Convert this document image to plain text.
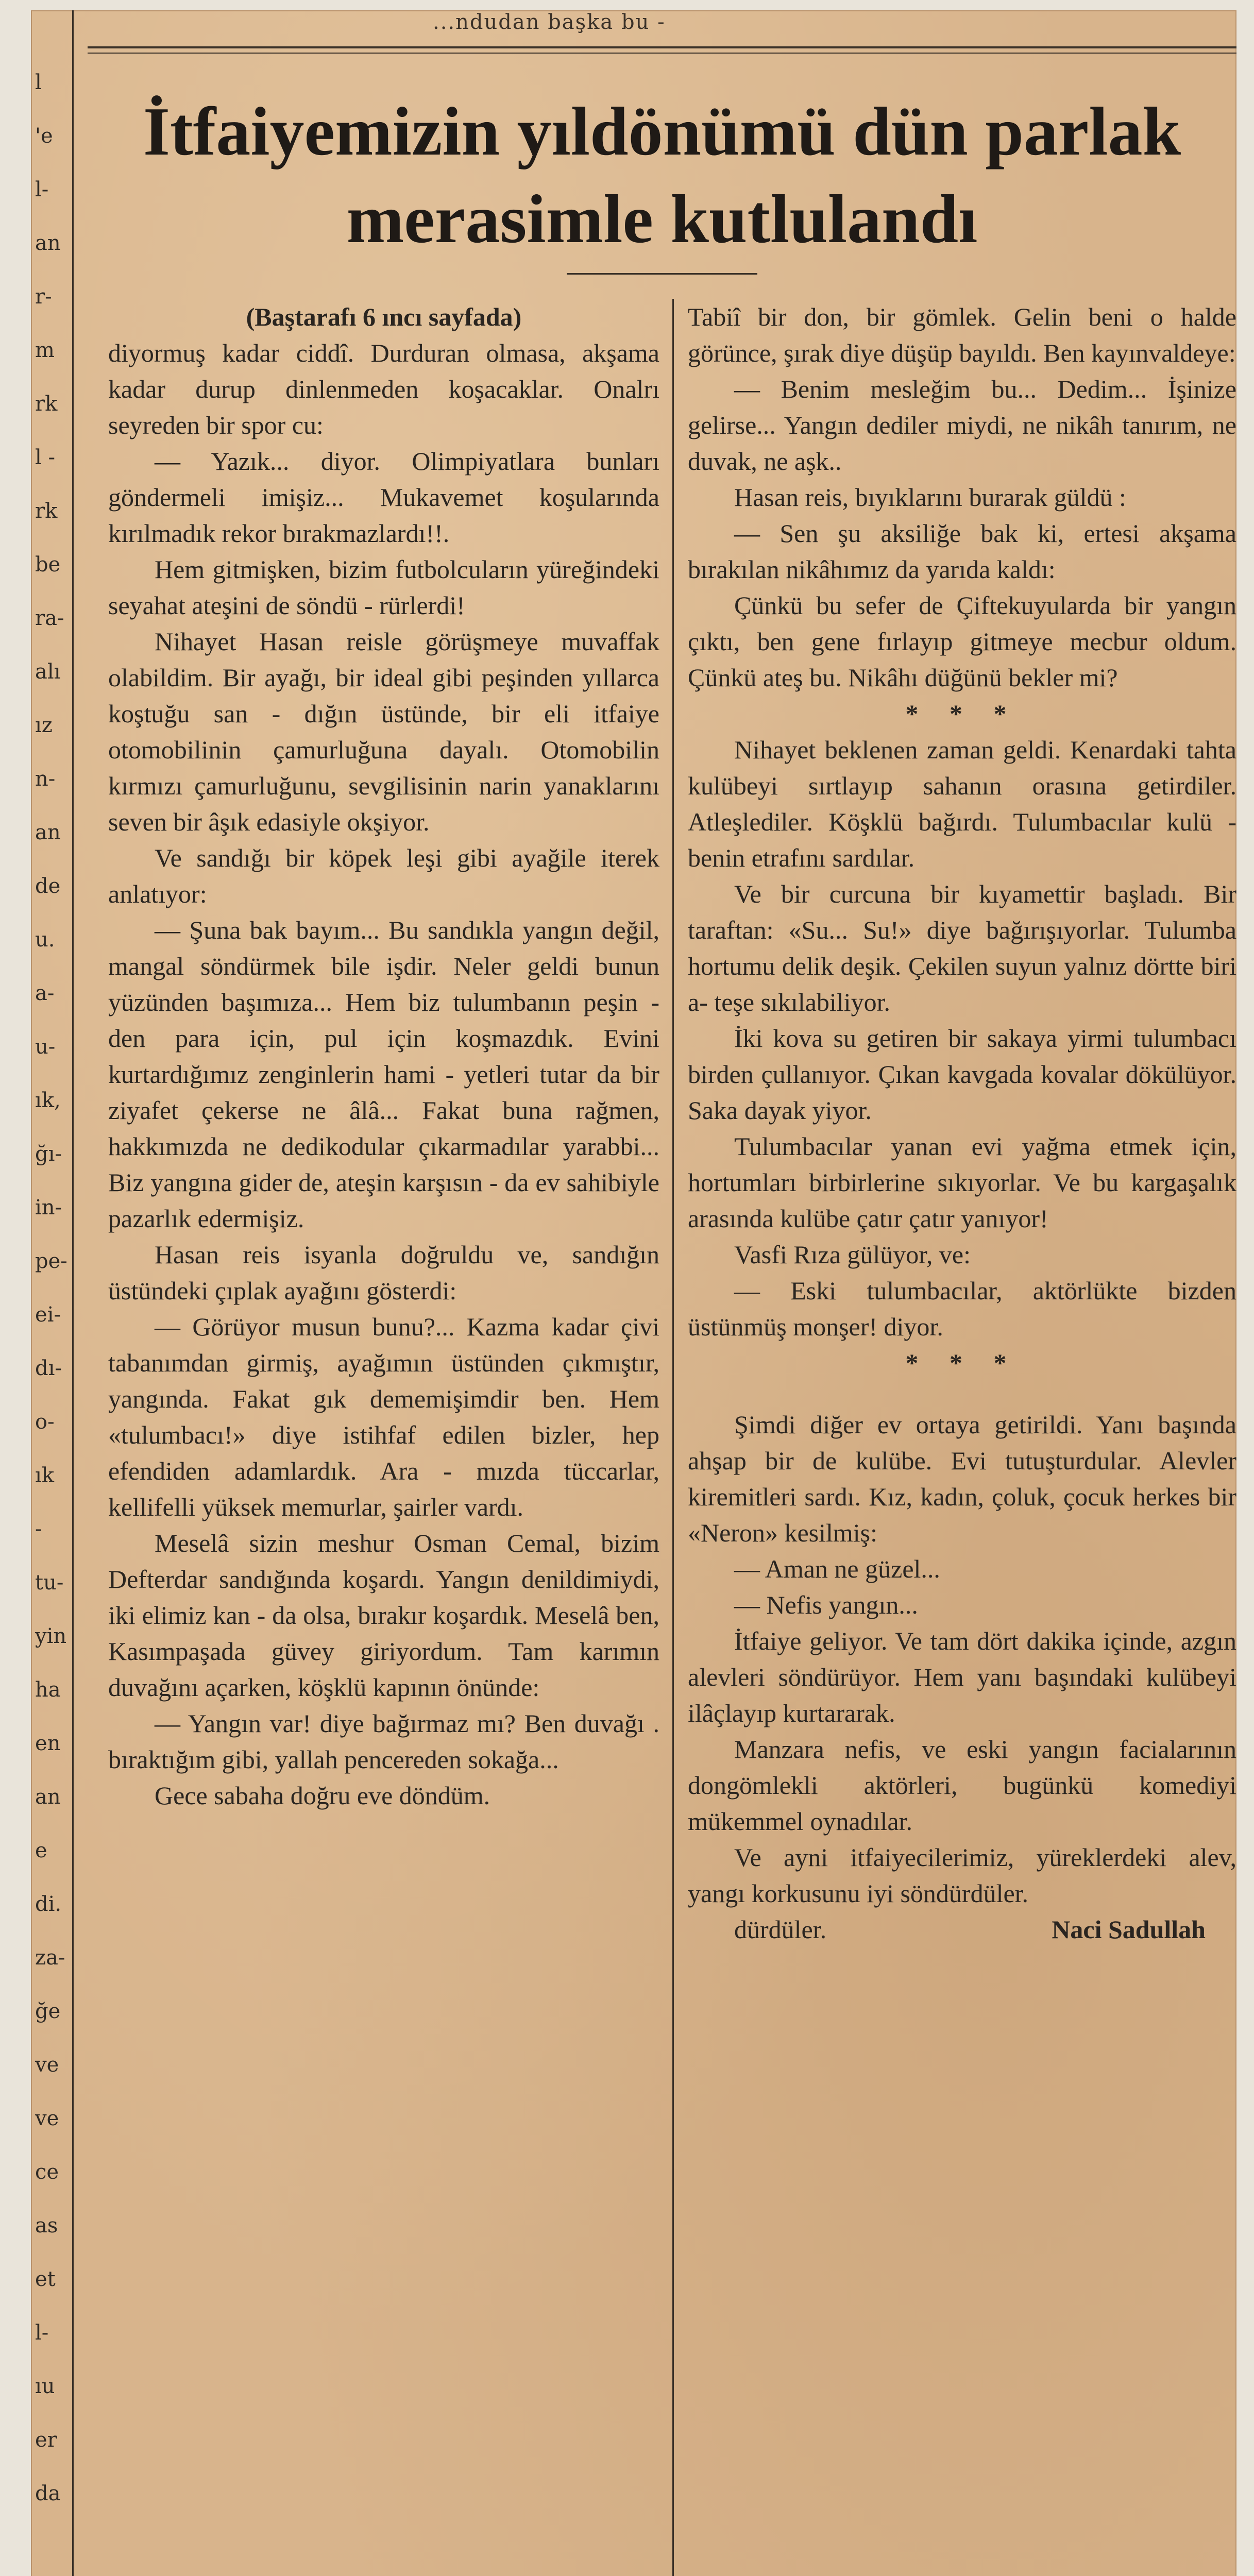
l
'e
l-
an
r-
m
rk
l -
rk
be
ra-
alı
ız
n-
an
de
u.
a-
u-
ık,
ğı-
in-
pe-
ei-
dı-
o-
ık
-
tu-
yin
ha
en
an
e
di.
za-
ğe
ve
ve
ce
as
et
l-
ıu
er
da
...ndudan başka bu -
İtfaiyemizin yıldönümü dün parlak
merasimle kutlulandı

(Baştarafı 6 ıncı sayfada)

diyormuş kadar ciddî. Durduran olmasa, akşama kadar durup dinlenmeden koşacaklar. Onalrı seyreden bir spor cu:

— Yazık... diyor. Olimpiyatlara bunları göndermeli imişiz... Mukavemet koşularında kırılmadık rekor bırakmazlardı!!.

Hem gitmişken, bizim futbolcuların yüreğindeki seyahat ateşini de söndü - rürlerdi!

Nihayet Hasan reisle görüşmeye muvaffak olabildim. Bir ayağı, bir ideal gibi peşinden yıllarca koştuğu san - dığın üstünde, bir eli itfaiye otomobilinin çamurluğuna dayalı. Otomobilin kırmızı çamurluğunu, sevgilisinin narin yanaklarını seven bir âşık edasiyle okşiyor.

Ve sandığı bir köpek leşi gibi ayağile iterek anlatıyor:

— Şuna bak bayım... Bu sandıkla yangın değil, mangal söndürmek bile işdir. Neler geldi bunun yüzünden başımıza... Hem biz tulumbanın peşin - den para için, pul için koşmazdık. Evini kurtardığımız zenginlerin hami - yetleri tutar da bir ziyafet çekerse ne âlâ... Fakat buna rağmen, hakkımızda ne dedikodular çıkarmadılar yarabbi... Biz yangına gider de, ateşin karşısın - da ev sahibiyle pazarlık edermişiz.

Hasan reis isyanla doğruldu ve, sandığın üstündeki çıplak ayağını gösterdi:

— Görüyor musun bunu?... Kazma kadar çivi tabanımdan girmiş, ayağımın üstünden çıkmıştır, yangında. Fakat gık dememişimdir ben. Hem «tulumbacı!» diye istihfaf edilen bizler, hep efendiden adamlardık. Ara - mızda tüccarlar, kellifelli yüksek memurlar, şairler vardı.

Meselâ sizin meshur Osman Cemal, bizim Defterdar sandığında koşardı. Yangın denildimiydi, iki elimiz kan - da olsa, bırakır koşardık. Meselâ ben, Kasımpaşada güvey giriyordum. Tam karımın duvağını açarken, köşklü kapının önünde:

— Yangın var! diye bağırmaz mı? Ben duvağı . bıraktığım gibi, yallah pencereden sokağa...

Gece sabaha doğru eve döndüm.

Tabiî bir don, bir gömlek. Gelin beni o halde görünce, şırak diye düşüp bayıldı. Ben kayınvaldeye:

— Benim mesleğim bu... Dedim... İşinize gelirse... Yangın dediler miydi, ne nikâh tanırım, ne duvak, ne aşk..

Hasan reis, bıyıklarını burarak güldü :

— Sen şu aksiliğe bak ki, ertesi akşama bırakılan nikâhımız da yarıda kaldı:

Çünkü bu sefer de Çiftekuyularda bir yangın çıktı, ben gene fırlayıp gitmeye mecbur oldum. Çünkü ateş bu. Nikâhı düğünü bekler mi?

* * *

Nihayet beklenen zaman geldi. Kenardaki tahta kulübeyi sırtlayıp sahanın orasına getirdiler. Atleşlediler. Köşklü bağırdı. Tulumbacılar kulü - benin etrafını sardılar.

Ve bir curcuna bir kıyamettir başladı. Bir taraftan: «Su... Su!» diye bağırışıyorlar. Tulumba hortumu delik deşik. Çekilen suyun yalnız dörtte biri a- teşe sıkılabiliyor.

İki kova su getiren bir sakaya yirmi tulumbacı birden çullanıyor. Çıkan kavgada kovalar dökülüyor. Saka dayak yiyor.

Tulumbacılar yanan evi yağma etmek için, hortumları birbirlerine sıkıyorlar. Ve bu kargaşalık arasında kulübe çatır çatır yanıyor!

Vasfi Rıza gülüyor, ve:

— Eski tulumbacılar, aktörlükte bizden üstünmüş monşer! diyor.

* * *

Şimdi diğer ev ortaya getirildi. Yanı başında ahşap bir de kulübe. Evi tutuşturdular. Alevler kiremitleri sardı. Kız, kadın, çoluk, çocuk herkes bir «Neron» kesilmiş:

— Aman ne güzel...

— Nefis yangın...

İtfaiye geliyor. Ve tam dört dakika içinde, azgın alevleri söndürüyor. Hem yanı başındaki kulübeyi ilâçlayıp kurtararak.

Manzara nefis, ve eski yangın facialarının dongömlekli aktörleri, bugünkü komediyi mükemmel oynadılar.

Ve ayni itfaiyecilerimiz, yüreklerdeki alev, yangı korkusunu iyi söndürdüler.

dürdüler.	Naci Sadullah
